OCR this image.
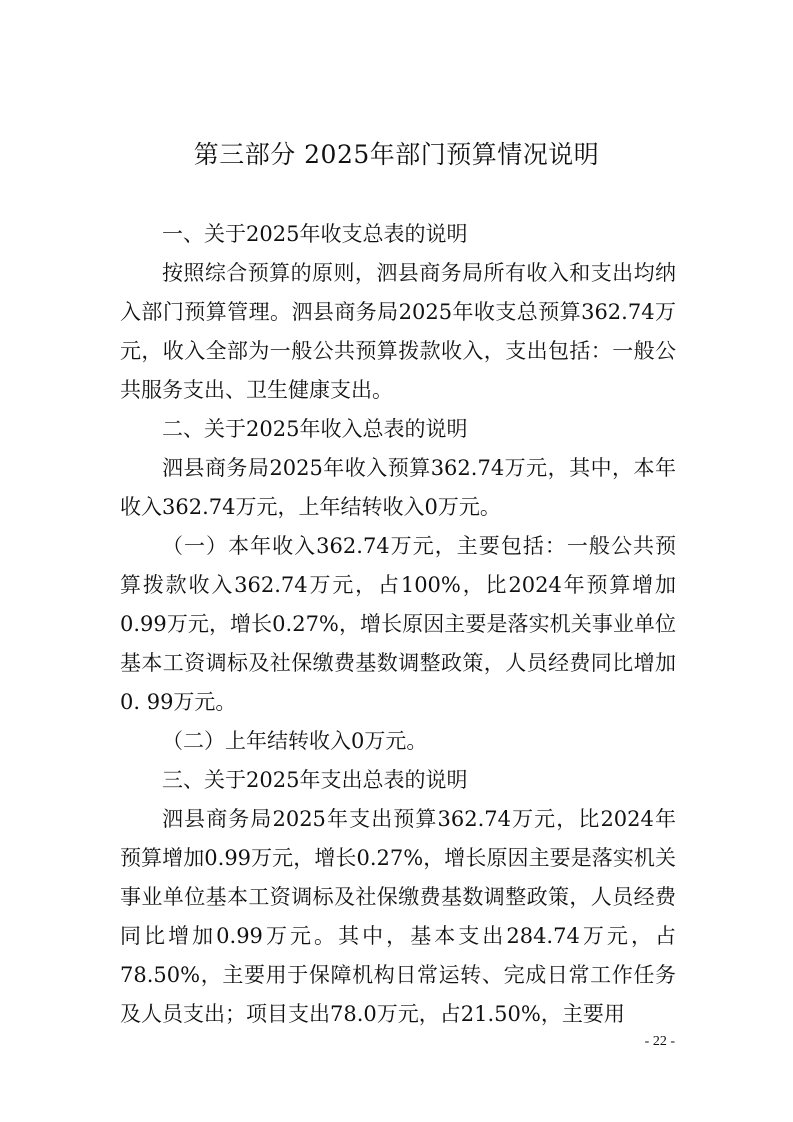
第三部分 2025年部门预算情况说明

一、关于2025年收支总表的说明

按照综合预算的原则，泗县商务局所有收入和支出均纳入部门预算管理。泗县商务局2025年收支总预算362.74万元，收入全部为一般公共预算拨款收入，支出包括：一般公共服务支出、卫生健康支出。

二、关于2025年收入总表的说明

泗县商务局2025年收入预算362.74万元，其中，本年收入362.74万元，上年结转收入0万元。

（一）本年收入362.74万元，主要包括：一般公共预算拨款收入362.74万元，占100%，比2024年预算增加0.99万元，增长0.27%，增长原因主要是落实机关事业单位基本工资调标及社保缴费基数调整政策，人员经费同比增加0. 99万元。

（二）上年结转收入0万元。

三、关于2025年支出总表的说明

泗县商务局2025年支出预算362.74万元，比2024年预算增加0.99万元，增长0.27%，增长原因主要是落实机关事业单位基本工资调标及社保缴费基数调整政策，人员经费同比增加0.99万元。其中，基本支出284.74万元，占78.50%，主要用于保障机构日常运转、完成日常工作任务及人员支出；项目支出78.0万元，占21.50%，主要用

- 22 -
